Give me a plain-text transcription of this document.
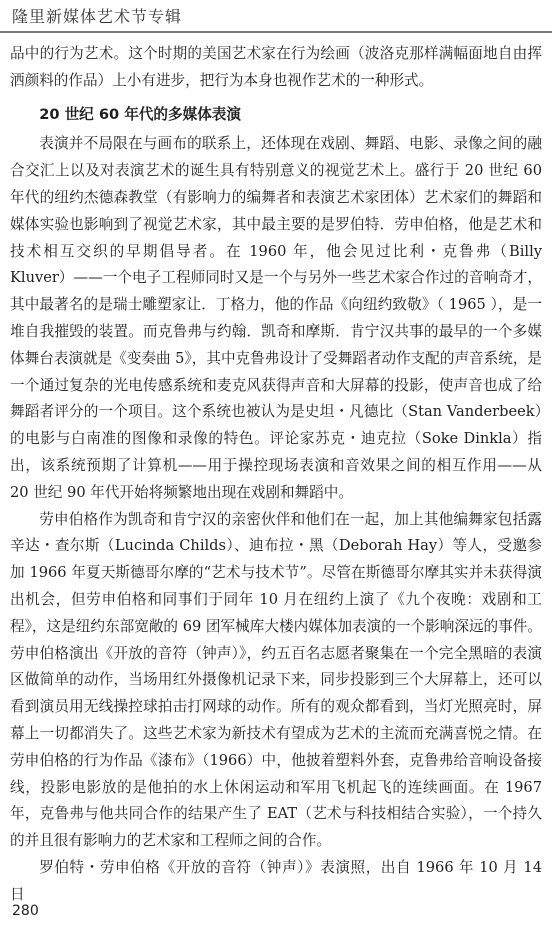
隆里新媒体艺术节专辑

品中的行为艺术。这个时期的美国艺术家在行为绘画（波洛克那样满幅面地自由挥洒颜料的作品）上小有进步，把行为本身也视作艺术的一种形式。

20 世纪 60 年代的多媒体表演

表演并不局限在与画布的联系上，还体现在戏剧、舞蹈、电影、录像之间的融合交汇上以及对表演艺术的诞生具有特别意义的视觉艺术上。盛行于 20 世纪 60 年代的纽约杰德森教堂（有影响力的编舞者和表演艺术家团体）艺术家们的舞蹈和媒体实验也影响到了视觉艺术家，其中最主要的是罗伯特．劳申伯格，他是艺术和技术相互交织的早期倡导者。在 1960 年，他会见过比利・克鲁弗（Billy Kluver）——一个电子工程师同时又是一个与另外一些艺术家合作过的音响奇才，其中最著名的是瑞士雕塑家让．丁格力，他的作品《向纽约致敬》（ 1965 ），是一堆自我摧毁的装置。而克鲁弗与约翰．凯奇和摩斯．肯宁汉共事的最早的一个多媒体舞台表演就是《变奏曲 5》，其中克鲁弗设计了受舞蹈者动作支配的声音系统，是一个通过复杂的光电传感系统和麦克风获得声音和大屏幕的投影，使声音也成了给舞蹈者评分的一个项目。这个系统也被认为是史坦・凡德比（Stan Vanderbeek）的电影与白南准的图像和录像的特色。评论家苏克・迪克拉（Soke Dinkla）指出，该系统预期了计算机——用于操控现场表演和音效果之间的相互作用——从 20 世纪 90 年代开始将频繁地出现在戏剧和舞蹈中。

劳申伯格作为凯奇和肯宁汉的亲密伙伴和他们在一起，加上其他编舞家包括露辛达・查尔斯（Lucinda Childs）、迪布拉・黑（Deborah Hay）等人，受邀参加 1966 年夏天斯德哥尔摩的“艺术与技术节”。尽管在斯德哥尔摩其实并未获得演出机会，但劳申伯格和同事们于同年 10 月在纽约上演了《九个夜晚：戏剧和工程》，这是纽约东部宽敞的 69 团军械库大楼内媒体加表演的一个影响深远的事件。劳申伯格演出《开放的音符（钟声）》，约五百名志愿者聚集在一个完全黑暗的表演区做简单的动作，当场用红外摄像机记录下来，同步投影到三个大屏幕上，还可以看到演员用无线操控球拍击打网球的动作。所有的观众都看到，当灯光照亮时，屏幕上一切都消失了。这些艺术家为新技术有望成为艺术的主流而充满喜悦之情。在劳申伯格的行为作品《漆布》（1966）中，他披着塑料外套，克鲁弗给音响设备接线，投影电影放的是他拍的水上休闲运动和军用飞机起飞的连续画面。在 1967 年，克鲁弗与他共同合作的结果产生了 EAT（艺术与科技相结合实验），一个持久的并且很有影响力的艺术家和工程师之间的合作。

罗伯特・劳申伯格《开放的音符（钟声）》表演照，出自 1966 年 10 月 14 日

280
